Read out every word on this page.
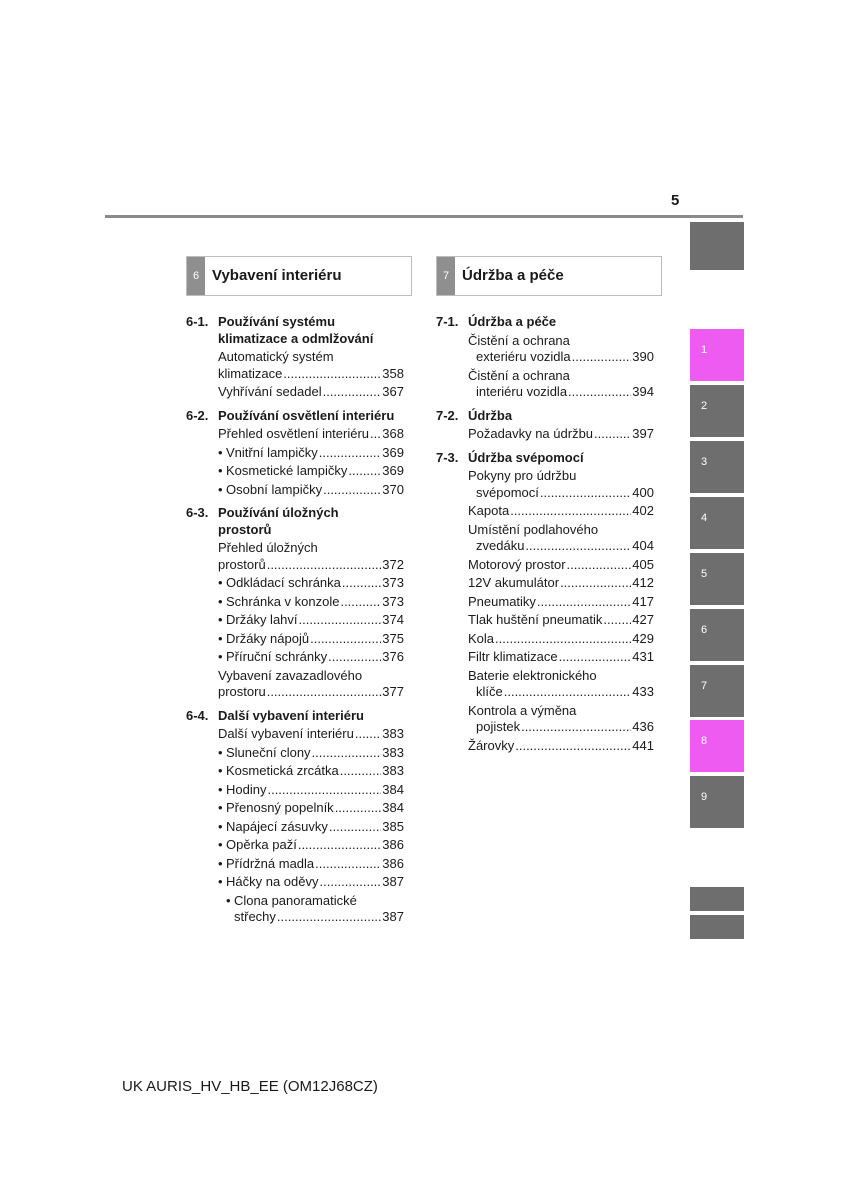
5
6 Vybavení interiéru	7 Údržba a péče
6-1. Používání systému
klimatizace a odmlžování
Automatický systém
klimatizace .....	358
Vyhřívání sedadel .....	367
6-2. Používání osvětlení interiéru
Přehled osvětlení interiéru ..... 368
• Vnitřní lampičky .....	369
• Kosmetické lampičky .....	369
• Osobní lampičky .....	370
6-3. Používání úložných
prostorů
Přehled úložných
prostorů .....	372
• Odkládací schránka .....	373
• Schránka v konzole .....	373
• Držáky lahví .....	374
• Držáky nápojů .....	375
• Příruční schránky .....	376
Vybavení zavazadlového
prostoru .....	377
6-4. Další vybavení interiéru
Další vybavení interiéru ..... 383
• Sluneční clony .....	383
• Kosmetická zrcátka .....	383
• Hodiny .....	384
• Přenosný popelník .....	384
• Napájecí zásuvky .....	385
• Opěrka paží .....	386
• Přídržná madla .....	386
• Háčky na oděvy .....	387
• Clona panoramatické
střechy .....	387
7-1. Údržba a péče
Čistění a ochrana
exteriéru vozidla .....	390
Čistění a ochrana
interiéru vozidla .....	394
7-2. Údržba
Požadavky na údržbu .....	397
7-3. Údržba svépomocí
Pokyny pro údržbu
svépomocí .....	400
Kapota .....	402
Umístění podlahového
zvedáku .....	404
Motorový prostor .....	405
12V akumulátor .....	412
Pneumatiky .....	417
Tlak huštění pneumatik ..... 427
Kola .....	429
Filtr klimatizace .....	431
Baterie elektronického
klíče .....	433
Kontrola a výměna
pojistek .....	436
Žárovky .....	441
1
2
3
4
5
6
7
8
9
UK AURIS_HV_HB_EE (OM12J68CZ)
